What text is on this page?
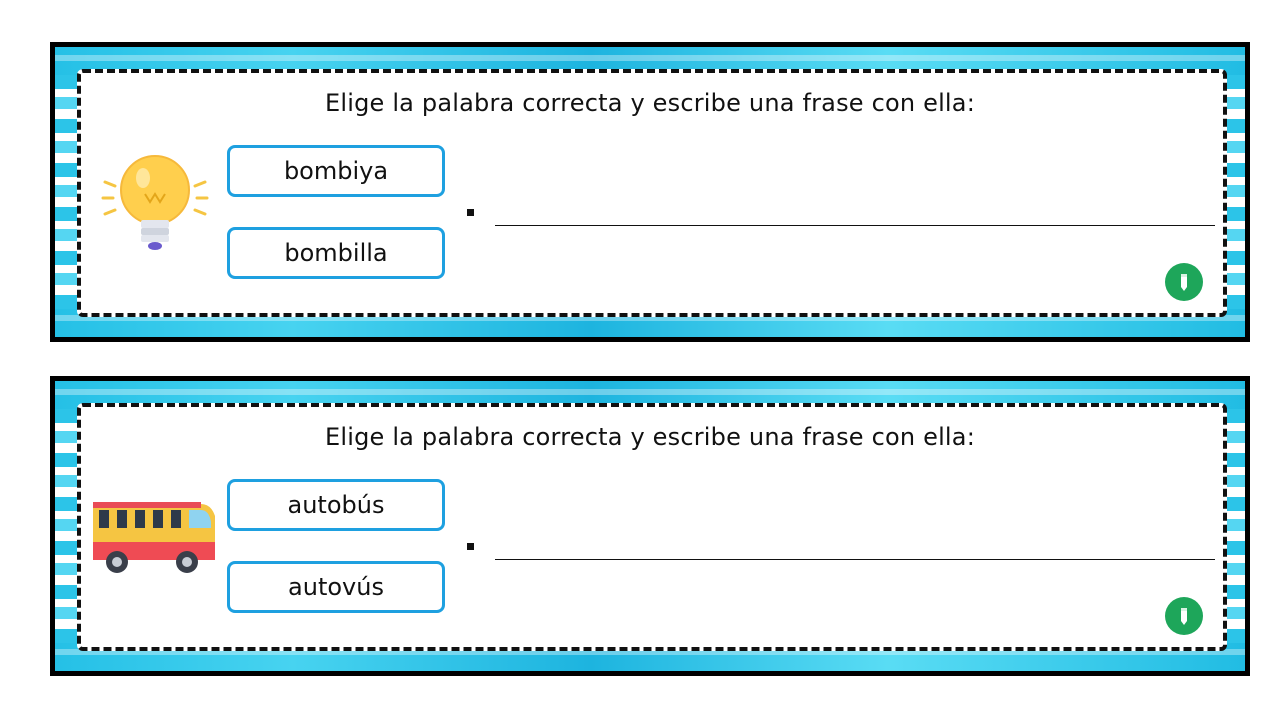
Elige la palabra correcta y escribe una frase con ella:
bombiya
bombilla
Elige la palabra correcta y escribe una frase con ella:
autobús
autovús
